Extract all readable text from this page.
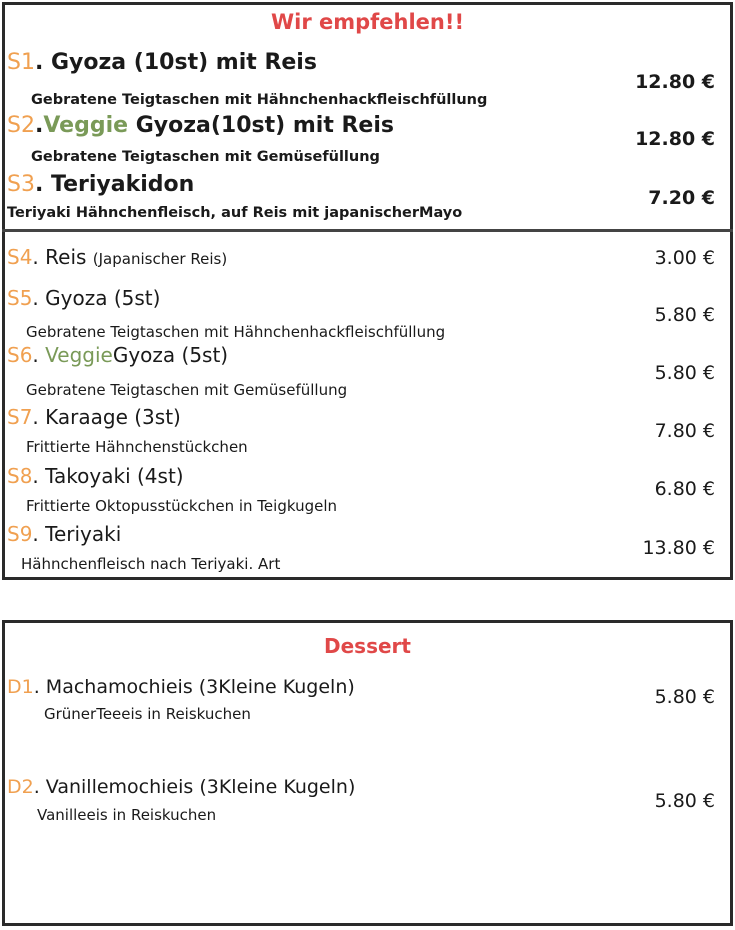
Wir empfehlen!!
S1. Gyoza (10st) mit Reis
Gebratene Teigtaschen mit Hähnchenhackfleischfüllung
12.80 €
S2.Veggie Gyoza(10st) mit Reis
Gebratene Teigtaschen mit Gemüsefüllung
12.80 €
S3. Teriyakidon
Teriyaki Hähnchenfleisch, auf Reis mit japanischerMayo
7.20 €
S4. Reis (Japanischer Reis)	3.00 €
S5. Gyoza (5st)
Gebratene Teigtaschen mit Hähnchenhackfleischfüllung
5.80 €
S6. VeggieGyoza (5st)
Gebratene Teigtaschen mit Gemüsefüllung
5.80 €
S7. Karaage (3st)
Frittierte Hähnchenstückchen
7.80 €
S8. Takoyaki (4st)
Frittierte Oktopusstückchen in Teigkugeln
6.80 €
S9. Teriyaki
Hähnchenfleisch nach Teriyaki. Art
13.80 €
Dessert
D1. Machamochieis (3Kleine Kugeln)
GrünerTeeeis in Reiskuchen
5.80 €
D2. Vanillemochieis (3Kleine Kugeln)
Vanilleeis in Reiskuchen
5.80 €
